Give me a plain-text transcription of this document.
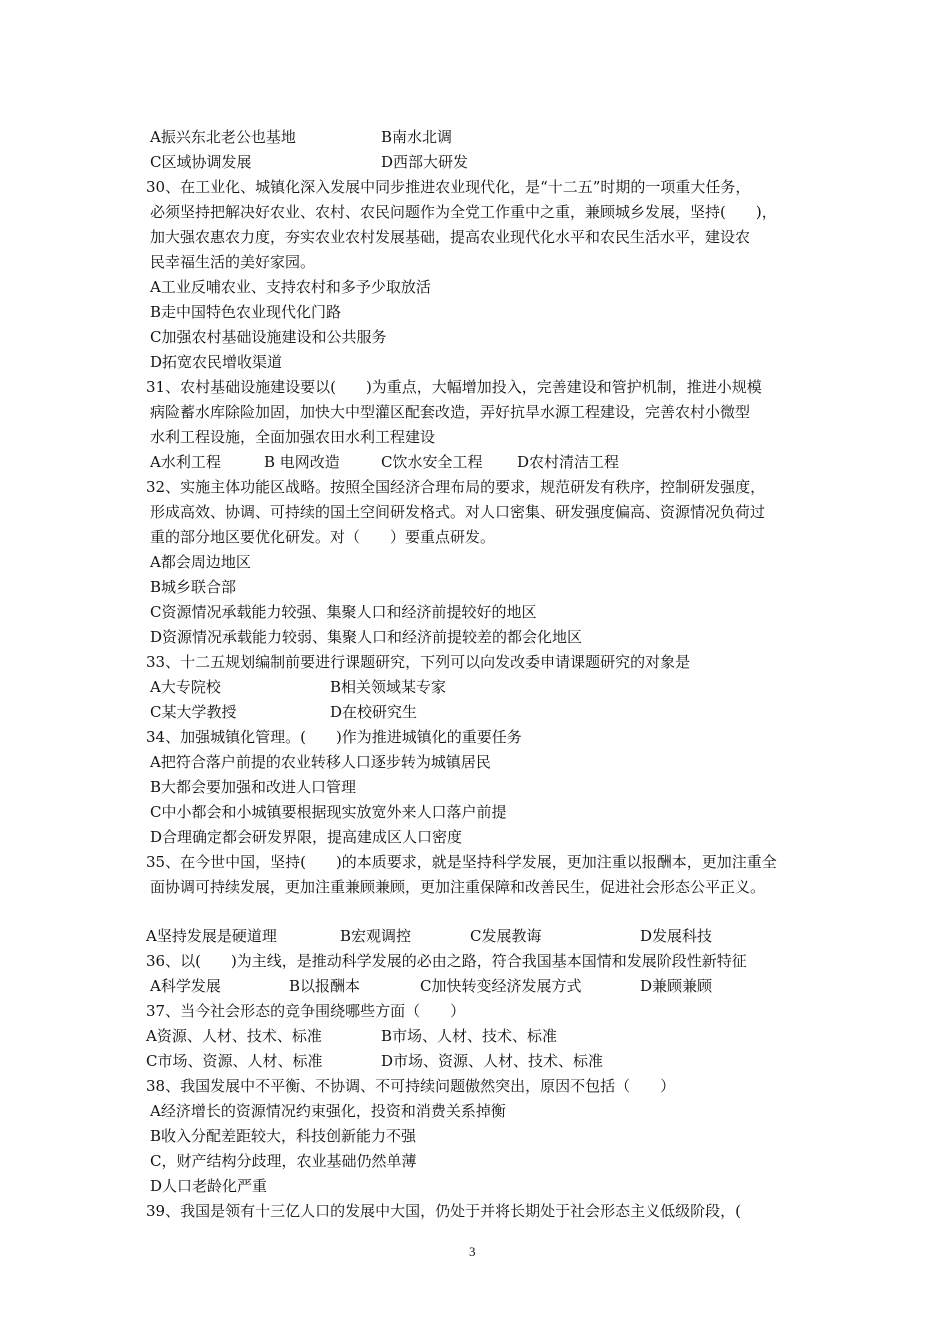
A振兴东北老公也基地	B南水北调
C区域协调发展	D西部大研发
30、在工业化、城镇化深入发展中同步推进农业现代化，是“十二五”时期的一项重大任务，
必须坚持把解决好农业、农村、农民问题作为全党工作重中之重，兼顾城乡发展，坚持(　　)，
加大强农惠农力度，夯实农业农村发展基础，提高农业现代化水平和农民生活水平，建设农
民幸福生活的美好家园。
A工业反哺农业、支持农村和多予少取放活
B走中国特色农业现代化门路
C加强农村基础设施建设和公共服务
D拓宽农民增收渠道
31、农村基础设施建设要以(　　)为重点，大幅增加投入，完善建设和管护机制，推进小规模
病险蓄水库除险加固，加快大中型灌区配套改造，弄好抗旱水源工程建设，完善农村小微型
水利工程设施，全面加强农田水利工程建设
A水利工程	B 电网改造	C饮水安全工程 D农村清洁工程
32、实施主体功能区战略。按照全国经济合理布局的要求，规范研发有秩序，控制研发强度，
形成高效、协调、可持续的国土空间研发格式。对人口密集、研发强度偏高、资源情况负荷过
重的部分地区要优化研发。对（　　）要重点研发。
A都会周边地区
B城乡联合部
C资源情况承载能力较强、集聚人口和经济前提较好的地区
D资源情况承载能力较弱、集聚人口和经济前提较差的都会化地区
33、十二五规划编制前要进行课题研究，下列可以向发改委申请课题研究的对象是
A大专院校	B相关领域某专家
C某大学教授	D在校研究生
34、加强城镇化管理。(　　)作为推进城镇化的重要任务
A把符合落户前提的农业转移人口逐步转为城镇居民
B大都会要加强和改进人口管理
C中小都会和小城镇要根据现实放宽外来人口落户前提
D合理确定都会研发界限，提高建成区人口密度
35、在今世中国，坚持(　　)的本质要求，就是坚持科学发展，更加注重以报酬本，更加注重全
面协调可持续发展，更加注重兼顾兼顾，更加注重保障和改善民生，促进社会形态公平正义。
A坚持发展是硬道理	B宏观调控	C发展教诲	D发展科技
36、以(　　)为主线，是推动科学发展的必由之路，符合我国基本国情和发展阶段性新特征
A科学发展	B以报酬本	C加快转变经济发展方式	D兼顾兼顾
37、当今社会形态的竞争围绕哪些方面（　　）
A资源、人材、技术、标准	B市场、人材、技术、标准
C市场、资源、人材、标准	D市场、资源、人材、技术、标准
38、我国发展中不平衡、不协调、不可持续问题傲然突出，原因不包括（　　）
A经济增长的资源情况约束强化，投资和消费关系掉衡
B收入分配差距较大，科技创新能力不强
C，财产结构分歧理，农业基础仍然单薄
D人口老龄化严重
39、我国是领有十三亿人口的发展中大国，仍处于并将长期处于社会形态主义低级阶段，(
3
